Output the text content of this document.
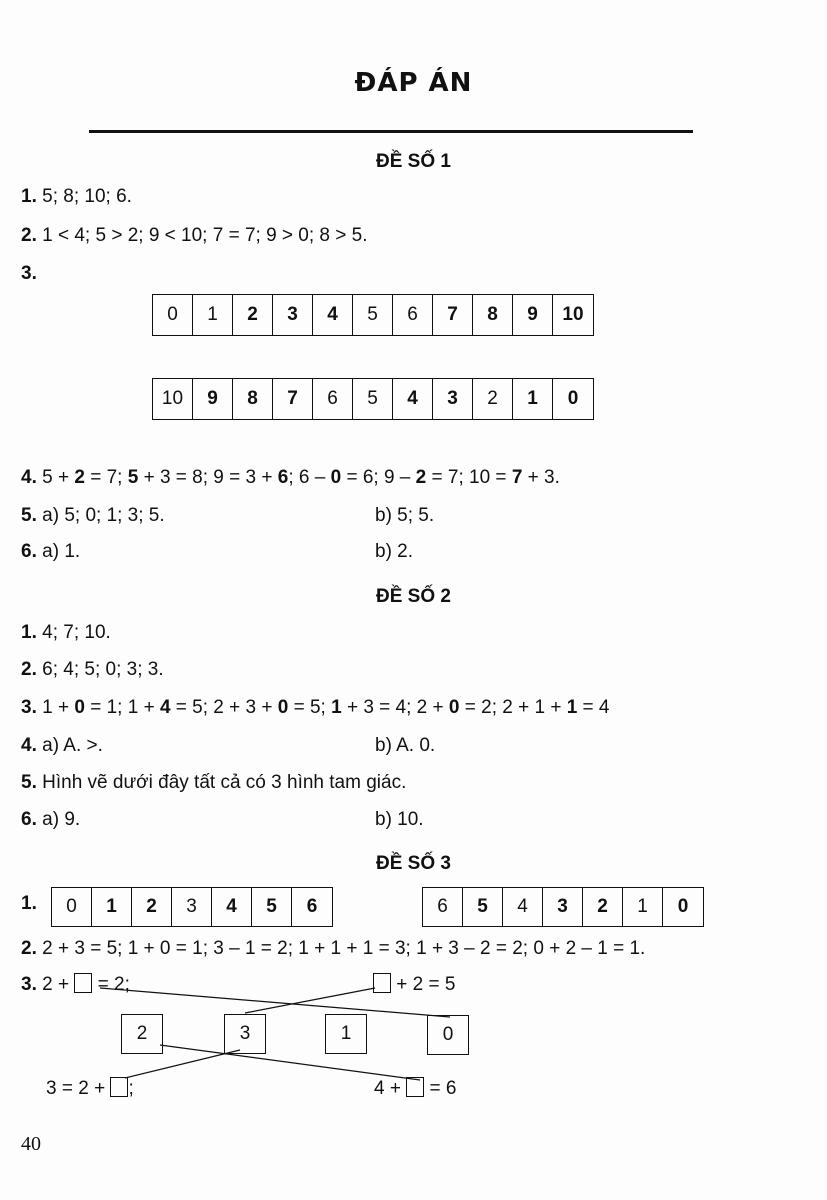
ĐÁP ÁN
ĐỀ SỐ 1
1. 5; 8; 10; 6.
2. 1 < 4; 5 > 2; 9 < 10; 7 = 7; 9 > 0; 8 > 5.
3.
0	1	2	3	4	5	6	7	8	9	10
10	9	8	7	6	5	4	3	2	1	0
4. 5 + 2 = 7; 5 + 3 = 8; 9 = 3 + 6; 6 – 0 = 6; 9 – 2 = 7; 10 = 7 + 3.
5. a) 5; 0; 1; 3; 5.	b) 5; 5.
6. a) 1.	b) 2.
ĐỀ SỐ 2
1. 4; 7; 10.
2. 6; 4; 5; 0; 3; 3.
3. 1 + 0 = 1; 1 + 4 = 5; 2 + 3 + 0 = 5; 1 + 3 = 4; 2 + 0 = 2; 2 + 1 + 1 = 4
4. a) A. >.	b) A. 0.
5. Hình vẽ dưới đây tất cả có 3 hình tam giác.
6. a) 9.	b) 10.
ĐỀ SỐ 3
1.	0	1	2	3	4	5	6	6	5	4	3	2	1	0
2. 2 + 3 = 5; 1 + 0 = 1; 3 – 1 = 2; 1 + 1 + 1 = 3; 1 + 3 – 2 = 2; 0 + 2 – 1 = 1.
3. 2 +  = 2;	+ 2 = 5
2	3	1	0
3 = 2 + ;	4 +  = 6
40
